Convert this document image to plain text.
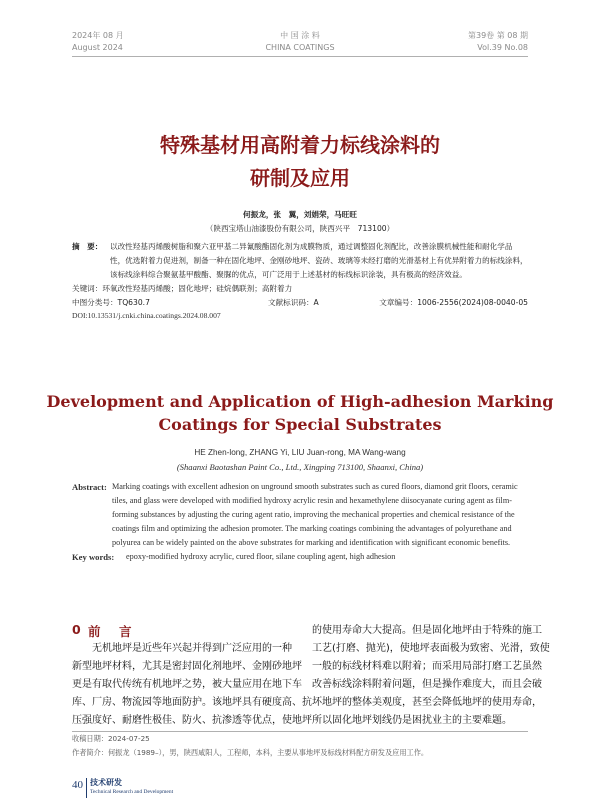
2024年 08 月
August 2024
中 国 涂 料
CHINA COATINGS
第39卷 第 08 期
Vol.39 No.08
特殊基材用高附着力标线涂料的
研制及应用
何振龙，张　翼，刘娟荣，马旺旺
（陕西宝塔山油漆股份有限公司，陕西兴平　713100）
摘　要： 以改性羟基丙烯酸树脂和聚六亚甲基二异氰酸酯固化剂为成膜物质，通过调整固化剂配比，改善涂膜机械性能和耐化学品
性，优选附着力促进剂，制备一种在固化地坪、金刚砂地坪、瓷砖、玻璃等未经打磨的光滑基材上有优异附着力的标线涂料，
该标线涂料综合聚氨基甲酸酯、聚脲的优点，可广泛用于上述基材的标线标识涂装，具有极高的经济效益。
关键词：环氧改性羟基丙烯酸；固化地坪；硅烷偶联剂；高附着力
中图分类号：TQ630.7	文献标识码：A	文章编号：1006-2556(2024)08-0040-05
DOI:10.13531/j.cnki.china.coatings.2024.08.007
Development and Application of High-adhesion Marking
Coatings for Special Substrates
HE Zhen-long, ZHANG Yi, LIU Juan-rong, MA Wang-wang
(Shaanxi Baotashan Paint Co., Ltd., Xingping 713100, Shaanxi, China)
Abstract: Marking coatings with excellent adhesion on unground smooth substrates such as cured floors, diamond grit floors, ceramic
tiles, and glass were developed with modified hydroxy acrylic resin and hexamethylene diisocyanate curing agent as film-
forming substances by adjusting the curing agent ratio, improving the mechanical properties and chemical resistance of the
coatings film and optimizing the adhesion promoter. The marking coatings combining the advantages of polyurethane and
polyurea can be widely painted on the above substrates for marking and identification with significant economic benefits.
Key words: epoxy-modified hydroxy acrylic, cured floor, silane coupling agent, high adhesion
0 前　言
　　无机地坪是近些年兴起并得到广泛应用的一种
新型地坪材料，尤其是密封固化剂地坪、金刚砂地坪
更是有取代传统有机地坪之势，被大量应用在地下车
库、厂房、物流园等地面防护。该地坪具有硬度高、抗
压强度好、耐磨性极佳、防火、抗渗透等优点，使地坪
的使用寿命大大提高。但是固化地坪由于特殊的施工
工艺(打磨、抛光)，使地坪表面极为致密、光滑，致使
一般的标线材料难以附着；而采用局部打磨工艺虽然
改善标线涂料附着问题，但是操作难度大，而且会破
坏地坪的整体美观度，甚至会降低地坪的使用寿命，
所以固化地坪划线仍是困扰业主的主要难题。
收稿日期：2024-07-25
作者简介：何振龙（1989–），男，陕西咸阳人，工程师，本科，主要从事地坪及标线材料配方研发及应用工作。
40 技术研发
Technical Research and Development
